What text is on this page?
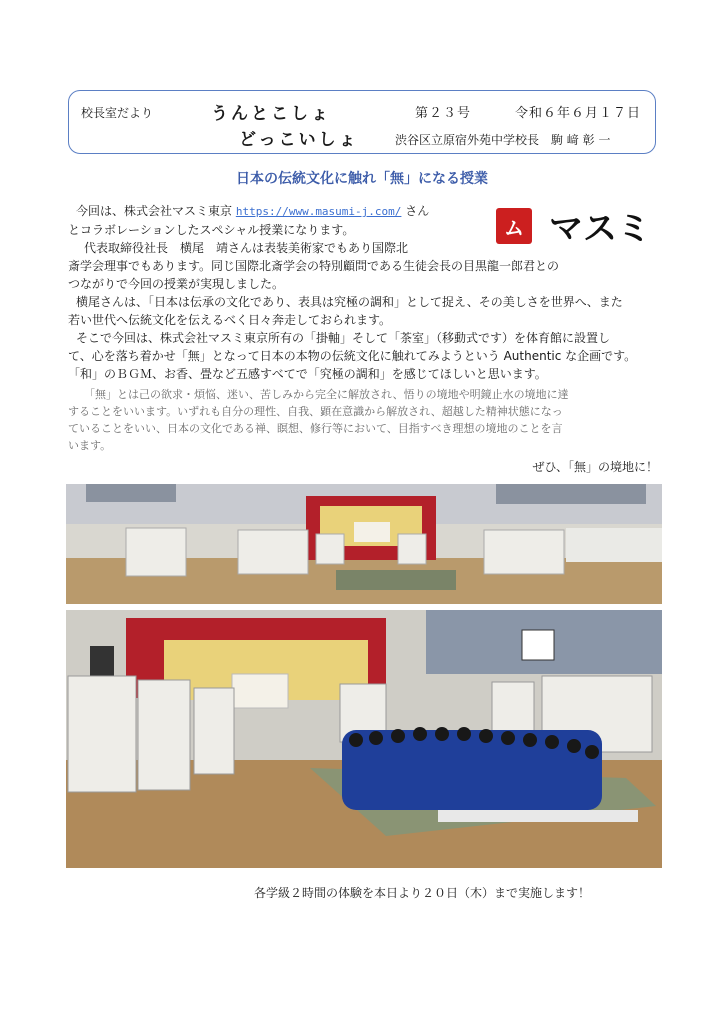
校長室だより	うんとこしょ
どっこいしょ
第２３号	令和６年６月１７日
渋谷区立原宿外苑中学校長　駒 﨑 彰 一
日本の伝統文化に触れ「無」になる授業
ム マスミ

今回は、株式会社マスミ東京 https://www.masumi-j.com/ さん

とコラボレーションしたスペシャル授業になります。

代表取締役社長　横尾　靖さんは表装美術家でもあり国際北

斎学会理事でもあります。同じ国際北斎学会の特別顧問である生徒会長の目黒龍一郎君との

つながりで今回の授業が実現しました。

横尾さんは、「日本は伝承の文化であり、表具は究極の調和」として捉え、その美しさを世界へ、また

若い世代へ伝統文化を伝えるべく日々奔走しておられます。

そこで今回は、株式会社マスミ東京所有の「掛軸」そして「茶室」（移動式です）を体育館に設置し

て、心を落ち着かせ「無」となって日本の本物の伝統文化に触れてみようという Authentic な企画です。

「和」のＢＧＭ、お香、畳など五感すべてで「究極の調和」を感じてほしいと思います。

「無」とは己の欲求・煩悩、迷い、苦しみから完全に解放され、悟りの境地や明鏡止水の境地に達

することをいいます。いずれも自分の理性、自我、顕在意識から解放され、超越した精神状態になっ

ていることをいい、日本の文化である禅、瞑想、修行等において、目指すべき理想の境地のことを言

います。

ぜひ、「無」の境地に！
各学級２時間の体験を本日より２０日（木）まで実施します！
